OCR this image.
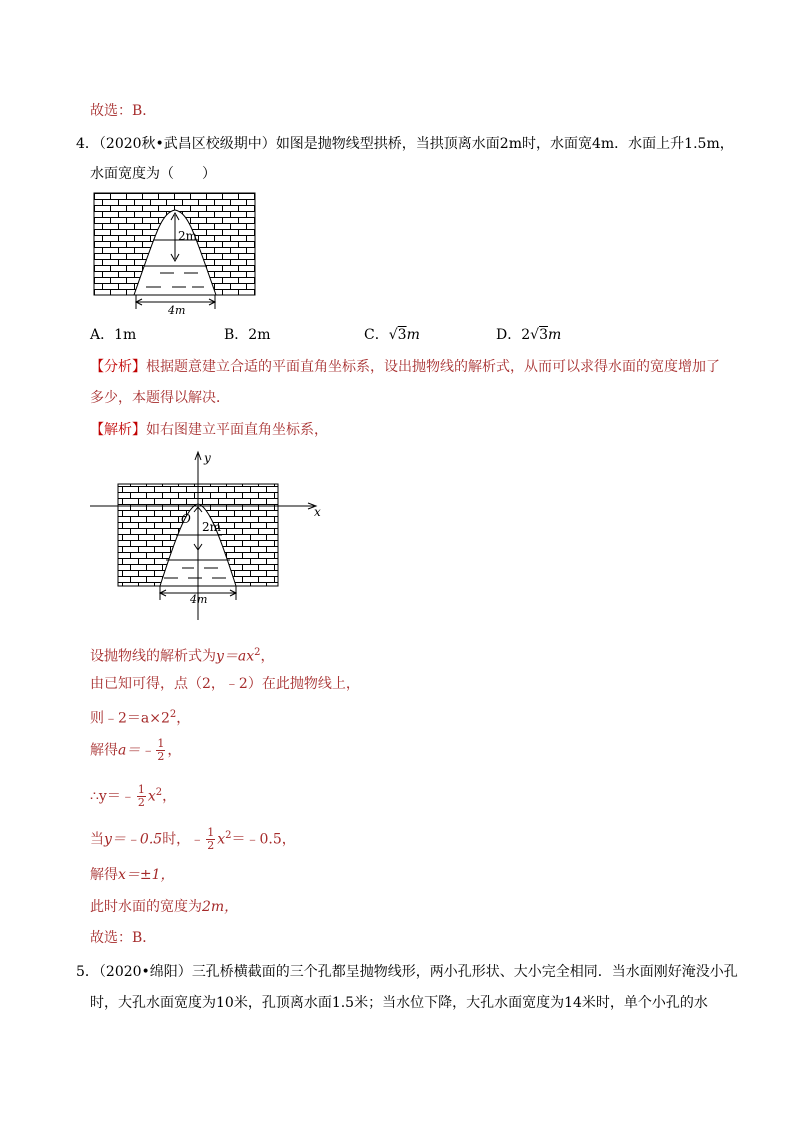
故选：B．
4．（2020秋•武昌区校级期中）如图是抛物线型拱桥，当拱顶离水面2m时，水面宽4m．水面上升1.5m，
水面宽度为（　　）
2m
4m
A．1m	B．2m	C．√3m	D．2√3m
【分析】根据题意建立合适的平面直角坐标系，设出抛物线的解析式，从而可以求得水面的宽度增加了
多少，本题得以解决．
【解析】如右图建立平面直角坐标系，
y
x
O
2m
4m
设抛物线的解析式为$y=ax^2$，
由已知可得，点（2，﹣2）在此抛物线上，
则$﹣2=a\times 2^2$，
解得a＝﹣ $\frac{1}{2}$ ，
∴y＝﹣ $\frac{1}{2} x^2$，
当y＝﹣0.5时，﹣ $\frac{1}{2}$ $x^2=﹣0.5$，
解得x＝±1，
此时水面的宽度为2m，
故选：B．
5．（2020•绵阳）三孔桥横截面的三个孔都呈抛物线形，两小孔形状、大小完全相同．当水面刚好淹没小孔
时，大孔水面宽度为10米，孔顶离水面1.5米；当水位下降，大孔水面宽度为14米时，单个小孔的水
